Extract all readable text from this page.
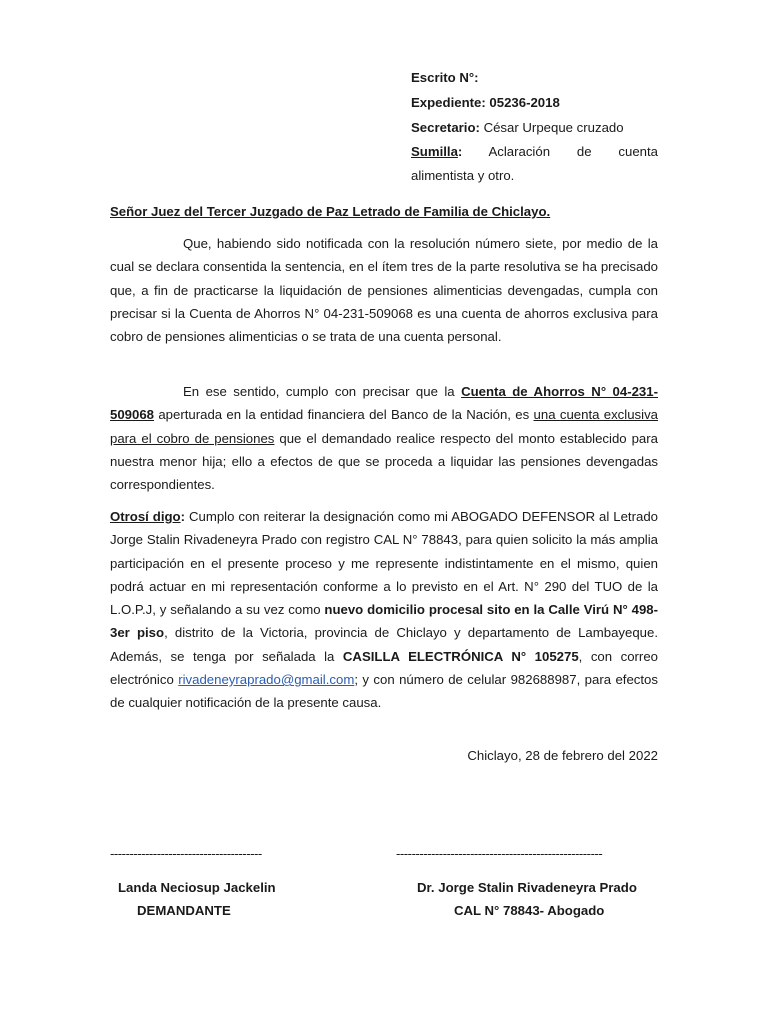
Escrito N°:
Expediente: 05236-2018
Secretario: César Urpeque cruzado
Sumilla: Aclaración de cuenta
alimentista y otro.
Señor Juez del Tercer Juzgado de Paz Letrado de Familia de Chiclayo.

Que, habiendo sido notificada con la resolución número siete, por medio de la cual se declara consentida la sentencia, en el ítem tres de la parte resolutiva se ha precisado que, a fin de practicarse la liquidación de pensiones alimenticias devengadas, cumpla con precisar si la Cuenta de Ahorros N° 04-231-509068 es una cuenta de ahorros exclusiva para cobro de pensiones alimenticias o se trata de una cuenta personal.

En ese sentido, cumplo con precisar que la Cuenta de Ahorros N° 04-231-509068 aperturada en la entidad financiera del Banco de la Nación, es una cuenta exclusiva para el cobro de pensiones que el demandado realice respecto del monto establecido para nuestra menor hija; ello a efectos de que se proceda a liquidar las pensiones devengadas correspondientes.

Otrosí digo: Cumplo con reiterar la designación como mi ABOGADO DEFENSOR al Letrado Jorge Stalin Rivadeneyra Prado con registro CAL N° 78843, para quien solicito la más amplia participación en el presente proceso y me represente indistintamente en el mismo, quien podrá actuar en mi representación conforme a lo previsto en el Art. N° 290 del TUO de la L.O.P.J, y señalando a su vez como nuevo domicilio procesal sito en la Calle Virú N° 498-3er piso, distrito de la Victoria, provincia de Chiclayo y departamento de Lambayeque. Además, se tenga por señalada la CASILLA ELECTRÓNICA N° 105275, con correo electrónico rivadeneyraprado@gmail.com; y con número de celular 982688987, para efectos de cualquier notificación de la presente causa.

Chiclayo, 28 de febrero del 2022
---------------------------------------	-----------------------------------------------------
Landa Neciosup Jackelin
DEMANDANTE
Dr. Jorge Stalin Rivadeneyra Prado
CAL N° 78843- Abogado
